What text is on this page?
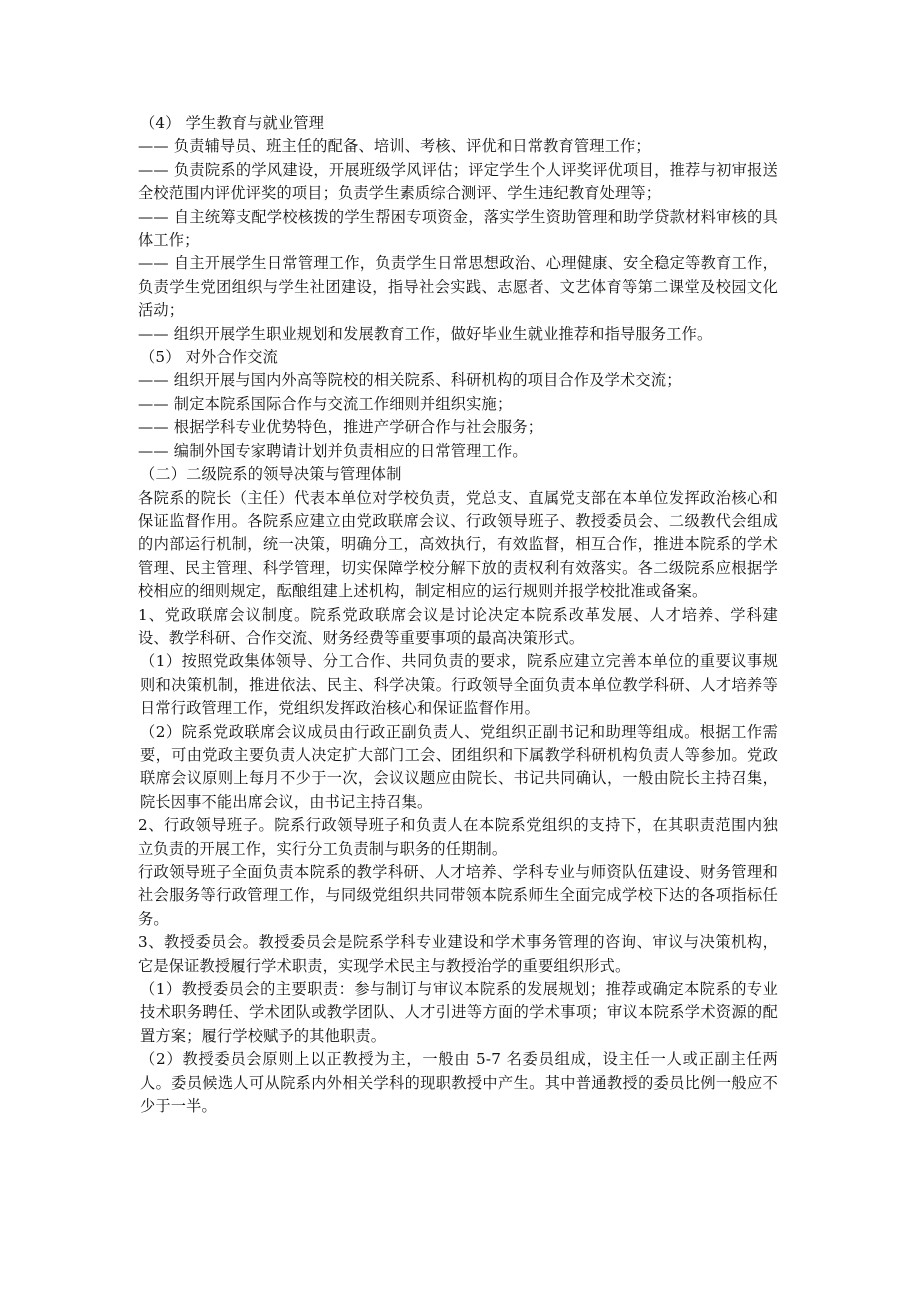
（4） 学生教育与就业管理

—— 负责辅导员、班主任的配备、培训、考核、评优和日常教育管理工作；

—— 负责院系的学风建设，开展班级学风评估；评定学生个人评奖评优项目，推荐与初审报送全校范围内评优评奖的项目；负责学生素质综合测评、学生违纪教育处理等；

—— 自主统筹支配学校核拨的学生帮困专项资金，落实学生资助管理和助学贷款材料审核的具体工作；

—— 自主开展学生日常管理工作，负责学生日常思想政治、心理健康、安全稳定等教育工作，负责学生党团组织与学生社团建设，指导社会实践、志愿者、文艺体育等第二课堂及校园文化活动；

—— 组织开展学生职业规划和发展教育工作，做好毕业生就业推荐和指导服务工作。

（5） 对外合作交流

—— 组织开展与国内外高等院校的相关院系、科研机构的项目合作及学术交流；

—— 制定本院系国际合作与交流工作细则并组织实施；

—— 根据学科专业优势特色，推进产学研合作与社会服务；

—— 编制外国专家聘请计划并负责相应的日常管理工作。

（二）二级院系的领导决策与管理体制

各院系的院长（主任）代表本单位对学校负责，党总支、直属党支部在本单位发挥政治核心和保证监督作用。各院系应建立由党政联席会议、行政领导班子、教授委员会、二级教代会组成的内部运行机制，统一决策，明确分工，高效执行，有效监督，相互合作，推进本院系的学术管理、民主管理、科学管理，切实保障学校分解下放的责权利有效落实。各二级院系应根据学校相应的细则规定，酝酿组建上述机构，制定相应的运行规则并报学校批准或备案。

1、党政联席会议制度。院系党政联席会议是讨论决定本院系改革发展、人才培养、学科建设、教学科研、合作交流、财务经费等重要事项的最高决策形式。

（1）按照党政集体领导、分工合作、共同负责的要求，院系应建立完善本单位的重要议事规则和决策机制，推进依法、民主、科学决策。行政领导全面负责本单位教学科研、人才培养等日常行政管理工作，党组织发挥政治核心和保证监督作用。

（2）院系党政联席会议成员由行政正副负责人、党组织正副书记和助理等组成。根据工作需要，可由党政主要负责人决定扩大部门工会、团组织和下属教学科研机构负责人等参加。党政联席会议原则上每月不少于一次，会议议题应由院长、书记共同确认，一般由院长主持召集，院长因事不能出席会议，由书记主持召集。

2、行政领导班子。院系行政领导班子和负责人在本院系党组织的支持下，在其职责范围内独立负责的开展工作，实行分工负责制与职务的任期制。

行政领导班子全面负责本院系的教学科研、人才培养、学科专业与师资队伍建设、财务管理和社会服务等行政管理工作，与同级党组织共同带领本院系师生全面完成学校下达的各项指标任务。

3、教授委员会。教授委员会是院系学科专业建设和学术事务管理的咨询、审议与决策机构，它是保证教授履行学术职责，实现学术民主与教授治学的重要组织形式。

（1）教授委员会的主要职责：参与制订与审议本院系的发展规划；推荐或确定本院系的专业技术职务聘任、学术团队或教学团队、人才引进等方面的学术事项；审议本院系学术资源的配置方案；履行学校赋予的其他职责。

（2）教授委员会原则上以正教授为主，一般由 5-7 名委员组成，设主任一人或正副主任两人。委员候选人可从院系内外相关学科的现职教授中产生。其中普通教授的委员比例一般应不少于一半。
